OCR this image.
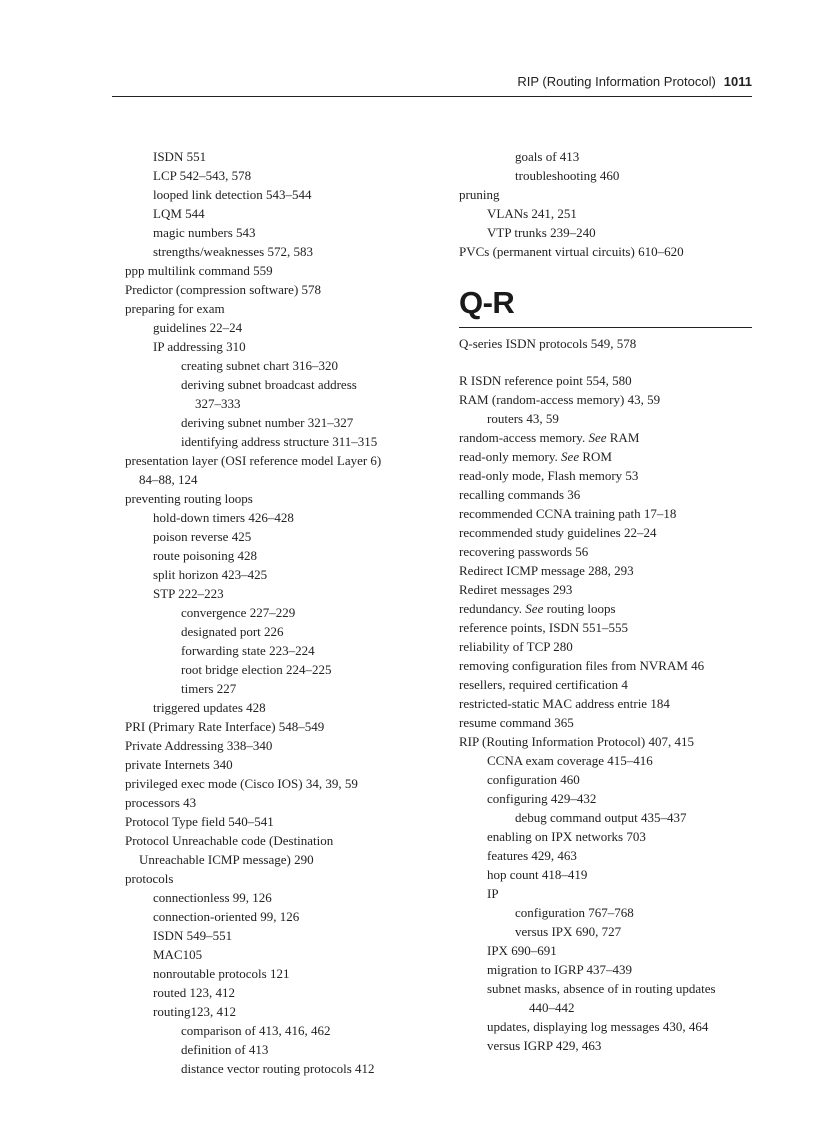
RIP (Routing Information Protocol) 1011
ISDN 551
LCP 542–543, 578
looped link detection 543–544
LQM 544
magic numbers 543
strengths/weaknesses 572, 583
ppp multilink command 559
Predictor (compression software) 578
preparing for exam
guidelines 22–24
IP addressing 310
creating subnet chart 316–320
deriving subnet broadcast address
327–333
deriving subnet number 321–327
identifying address structure 311–315
presentation layer (OSI reference model Layer 6)
84–88, 124
preventing routing loops
hold-down timers 426–428
poison reverse 425
route poisoning 428
split horizon 423–425
STP 222–223
convergence 227–229
designated port 226
forwarding state 223–224
root bridge election 224–225
timers 227
triggered updates 428
PRI (Primary Rate Interface) 548–549
Private Addressing 338–340
private Internets 340
privileged exec mode (Cisco IOS) 34, 39, 59
processors 43
Protocol Type field 540–541
Protocol Unreachable code (Destination
Unreachable ICMP message) 290
protocols
connectionless 99, 126
connection-oriented 99, 126
ISDN 549–551
MAC105
nonroutable protocols 121
routed 123, 412
routing123, 412
comparison of 413, 416, 462
definition of 413
distance vector routing protocols 412
goals of 413
troubleshooting 460
pruning
VLANs 241, 251
VTP trunks 239–240
PVCs (permanent virtual circuits) 610–620
Q-R
Q-series ISDN protocols 549, 578
R ISDN reference point 554, 580
RAM (random-access memory) 43, 59
routers 43, 59
random-access memory. See RAM
read-only memory. See ROM
read-only mode, Flash memory 53
recalling commands 36
recommended CCNA training path 17–18
recommended study guidelines 22–24
recovering passwords 56
Redirect ICMP message 288, 293
Rediret messages 293
redundancy. See routing loops
reference points, ISDN 551–555
reliability of TCP 280
removing configuration files from NVRAM 46
resellers, required certification 4
restricted-static MAC address entrie 184
resume command 365
RIP (Routing Information Protocol) 407, 415
CCNA exam coverage 415–416
configuration 460
configuring 429–432
debug command output 435–437
enabling on IPX networks 703
features 429, 463
hop count 418–419
IP
configuration 767–768
versus IPX 690, 727
IPX 690–691
migration to IGRP 437–439
subnet masks, absence of in routing updates
440–442
updates, displaying log messages 430, 464
versus IGRP 429, 463
